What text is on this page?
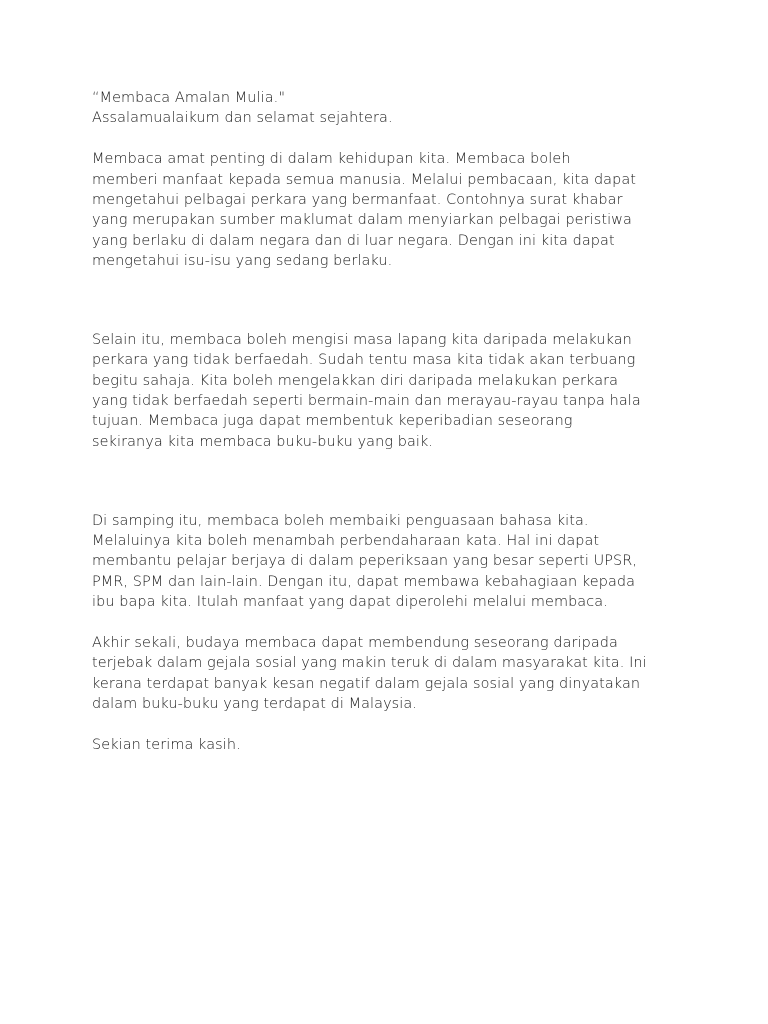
“Membaca Amalan Mulia."
Assalamualaikum dan selamat sejahtera.
Membaca amat penting di dalam kehidupan kita. Membaca boleh
memberi manfaat kepada semua manusia. Melalui pembacaan, kita dapat
mengetahui pelbagai perkara yang bermanfaat. Contohnya surat khabar
yang merupakan sumber maklumat dalam menyiarkan pelbagai peristiwa
yang berlaku di dalam negara dan di luar negara. Dengan ini kita dapat
mengetahui isu-isu yang sedang berlaku.
Selain itu, membaca boleh mengisi masa lapang kita daripada melakukan
perkara yang tidak berfaedah. Sudah tentu masa kita tidak akan terbuang
begitu sahaja. Kita boleh mengelakkan diri daripada melakukan perkara
yang tidak berfaedah seperti bermain-main dan merayau-rayau tanpa hala
tujuan. Membaca juga dapat membentuk keperibadian seseorang
sekiranya kita membaca buku-buku yang baik.
Di samping itu, membaca boleh membaiki penguasaan bahasa kita.
Melaluinya kita boleh menambah perbendaharaan kata. Hal ini dapat
membantu pelajar berjaya di dalam peperiksaan yang besar seperti UPSR,
PMR, SPM dan lain-lain. Dengan itu, dapat membawa kebahagiaan kepada
ibu bapa kita. Itulah manfaat yang dapat diperolehi melalui membaca.
Akhir sekali, budaya membaca dapat membendung seseorang daripada
terjebak dalam gejala sosial yang makin teruk di dalam masyarakat kita. Ini
kerana terdapat banyak kesan negatif dalam gejala sosial yang dinyatakan
dalam buku-buku yang terdapat di Malaysia.
Sekian terima kasih.
